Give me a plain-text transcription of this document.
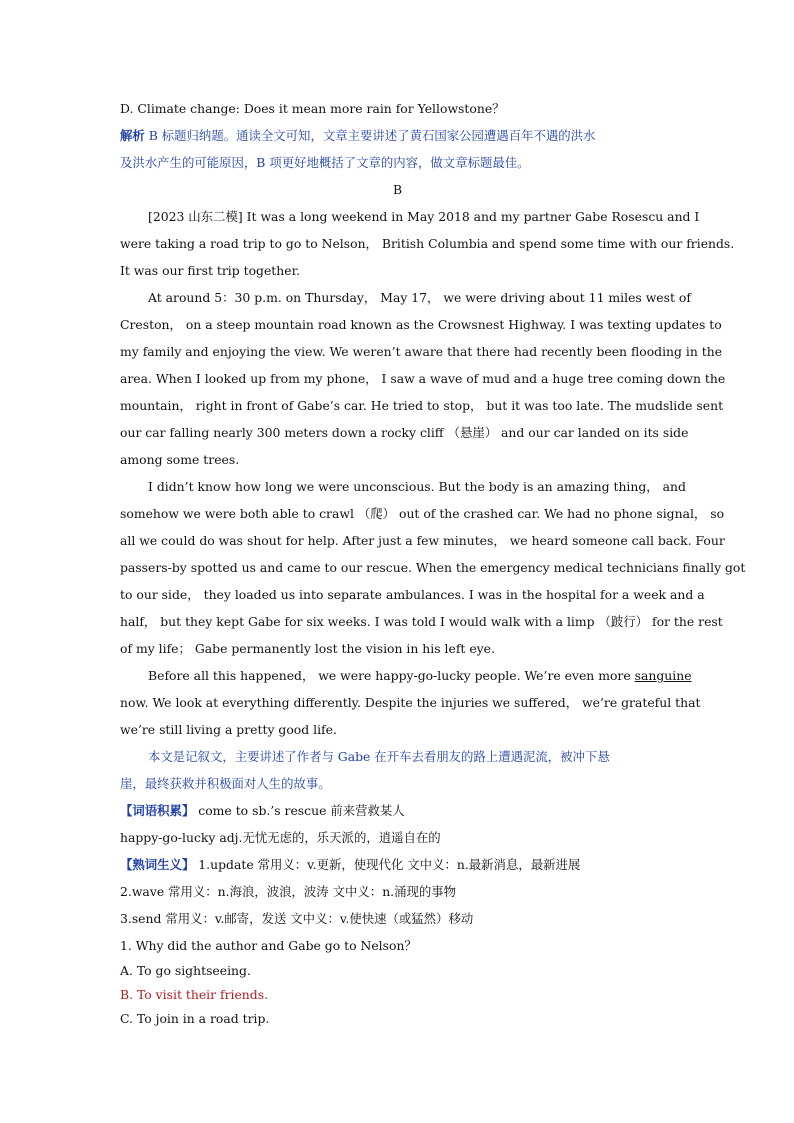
D. Climate change: Does it mean more rain for Yellowstone？
解析 B 标题归纳题。通读全文可知，文章主要讲述了黄石国家公园遭遇百年不遇的洪水
及洪水产生的可能原因，B 项更好地概括了文章的内容，做文章标题最佳。
B
[2023 山东二模] It was a long weekend in May 2018 and my partner Gabe Rosescu and I
were taking a road trip to go to Nelson， British Columbia and spend some time with our friends.
It was our first trip together.
At around 5：30 p.m. on Thursday， May 17， we were driving about 11 miles west of
Creston， on a steep mountain road known as the Crowsnest Highway. I was texting updates to
my family and enjoying the view. We weren’t aware that there had recently been flooding in the
area. When I looked up from my phone， I saw a wave of mud and a huge tree coming down the
mountain， right in front of Gabe’s car. He tried to stop， but it was too late. The mudslide sent
our car falling nearly 300 meters down a rocky cliff （悬崖） and our car landed on its side
among some trees.
I didn’t know how long we were unconscious. But the body is an amazing thing， and
somehow we were both able to crawl （爬） out of the crashed car. We had no phone signal， so
all we could do was shout for help. After just a few minutes， we heard someone call back. Four
passers-by spotted us and came to our rescue. When the emergency medical technicians finally got
to our side， they loaded us into separate ambulances. I was in the hospital for a week and a
half， but they kept Gabe for six weeks. I was told I would walk with a limp （跛行） for the rest
of my life； Gabe permanently lost the vision in his left eye.
Before all this happened， we were happy-go-lucky people. We’re even more sanguine
now. We look at everything differently. Despite the injuries we suffered， we’re grateful that
we’re still living a pretty good life.
本文是记叙文，主要讲述了作者与 Gabe 在开车去看朋友的路上遭遇泥流，被冲下悬
崖，最终获救并积极面对人生的故事。
【词语积累】 come to sb.’s rescue 前来营救某人
happy-go-lucky adj.无忧无虑的，乐天派的，逍遥自在的
【熟词生义】 1.update 常用义：v.更新，使现代化 文中义：n.最新消息，最新进展
2.wave 常用义：n.海浪，波浪，波涛 文中义：n.涌现的事物
3.send 常用义：v.邮寄，发送 文中义：v.使快速（或猛然）移动
1. Why did the author and Gabe go to Nelson？
A. To go sightseeing.
B. To visit their friends.
C. To join in a road trip.
